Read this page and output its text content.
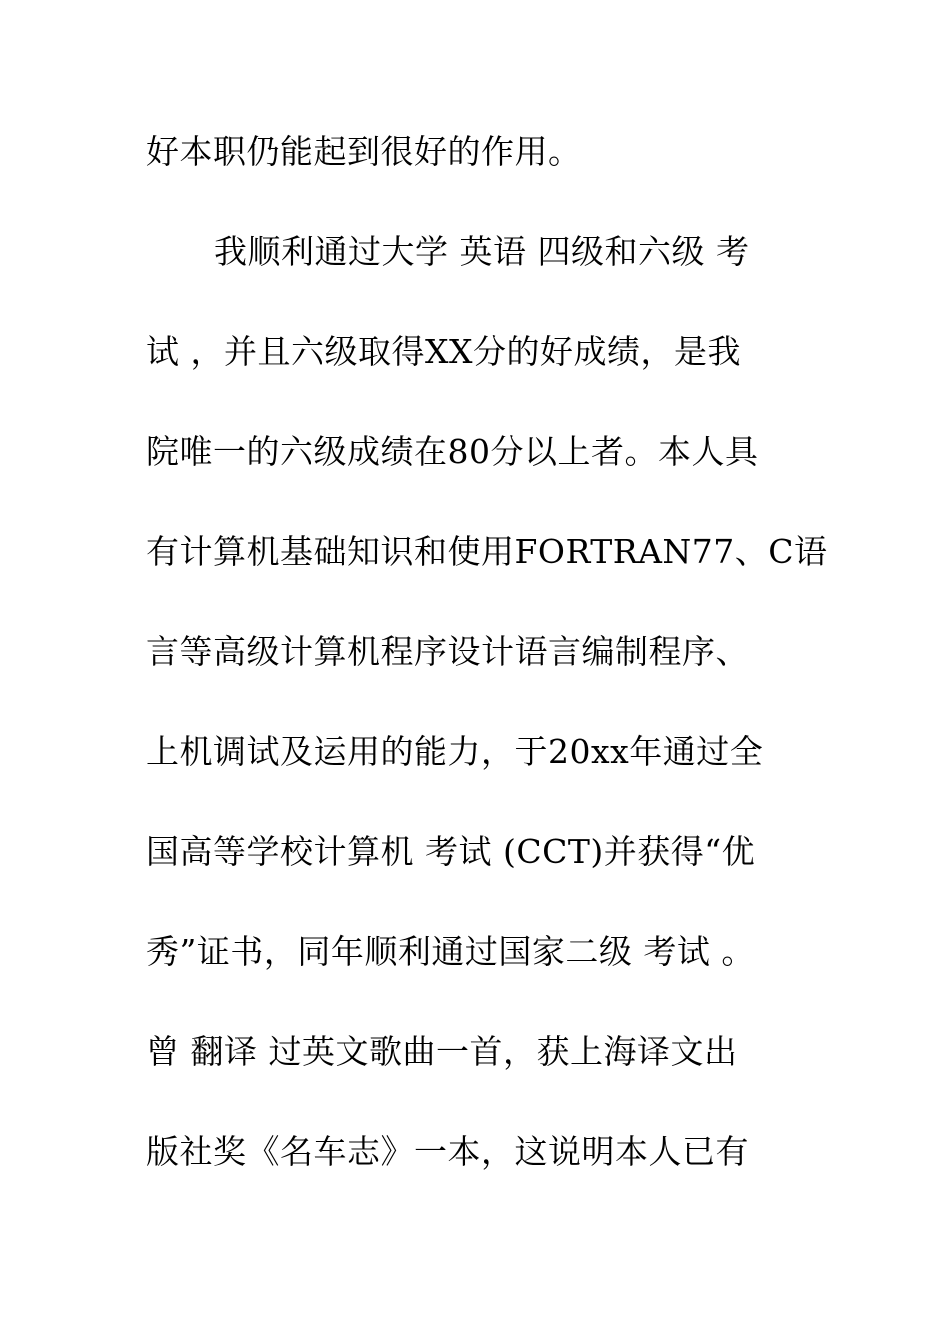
好本职仍能起到很好的作用。
我顺利通过大学 英语 四级和六级 考
试 ，并且六级取得XX分的好成绩，是我
院唯一的六级成绩在80分以上者。本人具
有计算机基础知识和使用FORTRAN77、C语
言等高级计算机程序设计语言编制程序、
上机调试及运用的能力，于20xx年通过全
国高等学校计算机 考试 (CCT)并获得“优
秀”证书，同年顺利通过国家二级 考试 。
曾 翻译 过英文歌曲一首，获上海译文出
版社奖《名车志》一本，这说明本人已有
